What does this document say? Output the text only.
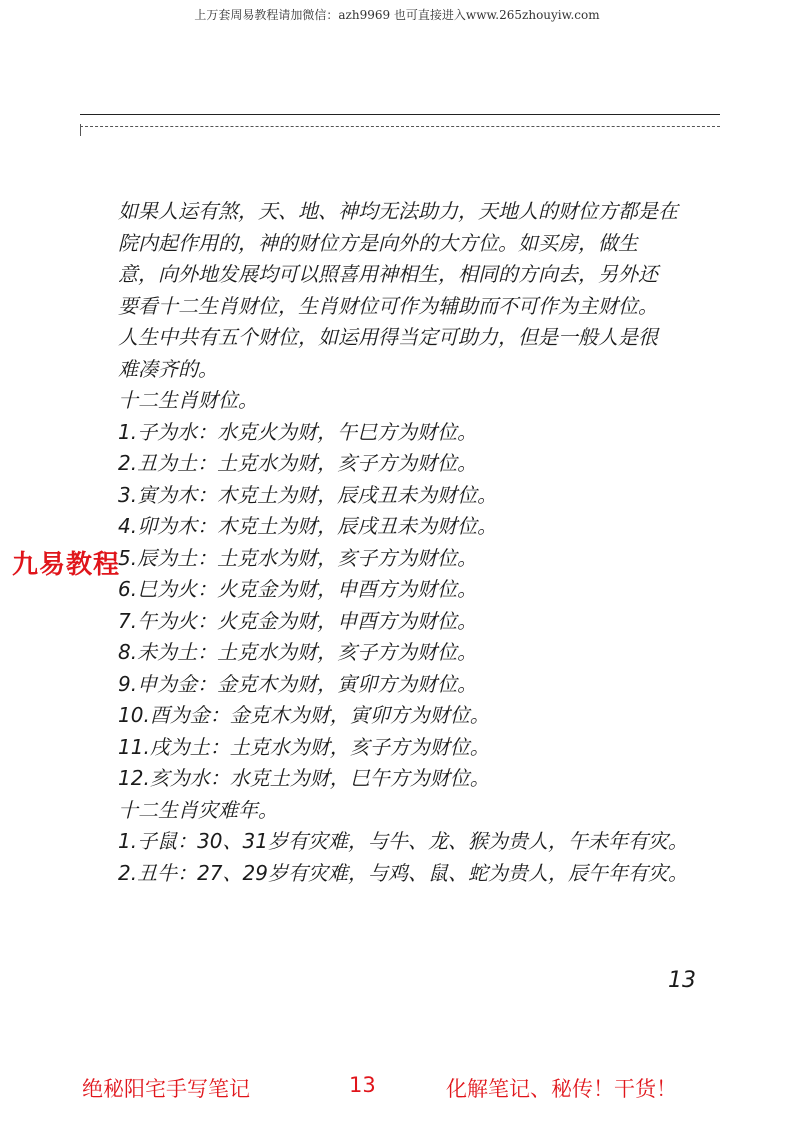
上万套周易教程请加微信：azh9969 也可直接进入www.265zhouyiw.com
如果人运有煞，天、地、神均无法助力，天地人的财位方都是在
院内起作用的，神的财位方是向外的大方位。如买房，做生
意，向外地发展均可以照喜用神相生，相同的方向去，另外还
要看十二生肖财位，生肖财位可作为辅助而不可作为主财位。
人生中共有五个财位，如运用得当定可助力，但是一般人是很
难凑齐的。
十二生肖财位。
1.子为水：水克火为财，午巳方为财位。
2.丑为土：土克水为财，亥子方为财位。
3.寅为木：木克土为财，辰戌丑未为财位。
4.卯为木：木克土为财，辰戌丑未为财位。
5.辰为土：土克水为财，亥子方为财位。
6.巳为火：火克金为财，申酉方为财位。
7.午为火：火克金为财，申酉方为财位。
8.未为土：土克水为财，亥子方为财位。
9.申为金：金克木为财，寅卯方为财位。
10.酉为金：金克木为财，寅卯方为财位。
11.戌为土：土克水为财，亥子方为财位。
12.亥为水：水克土为财，巳午方为财位。
十二生肖灾难年。
1.子鼠：30、31岁有灾难，与牛、龙、猴为贵人，午未年有灾。
2.丑牛：27、29岁有灾难，与鸡、鼠、蛇为贵人，辰午年有灾。
13
九易教程
绝秘阳宅手写笔记	13	化解笔记、秘传！干货！
